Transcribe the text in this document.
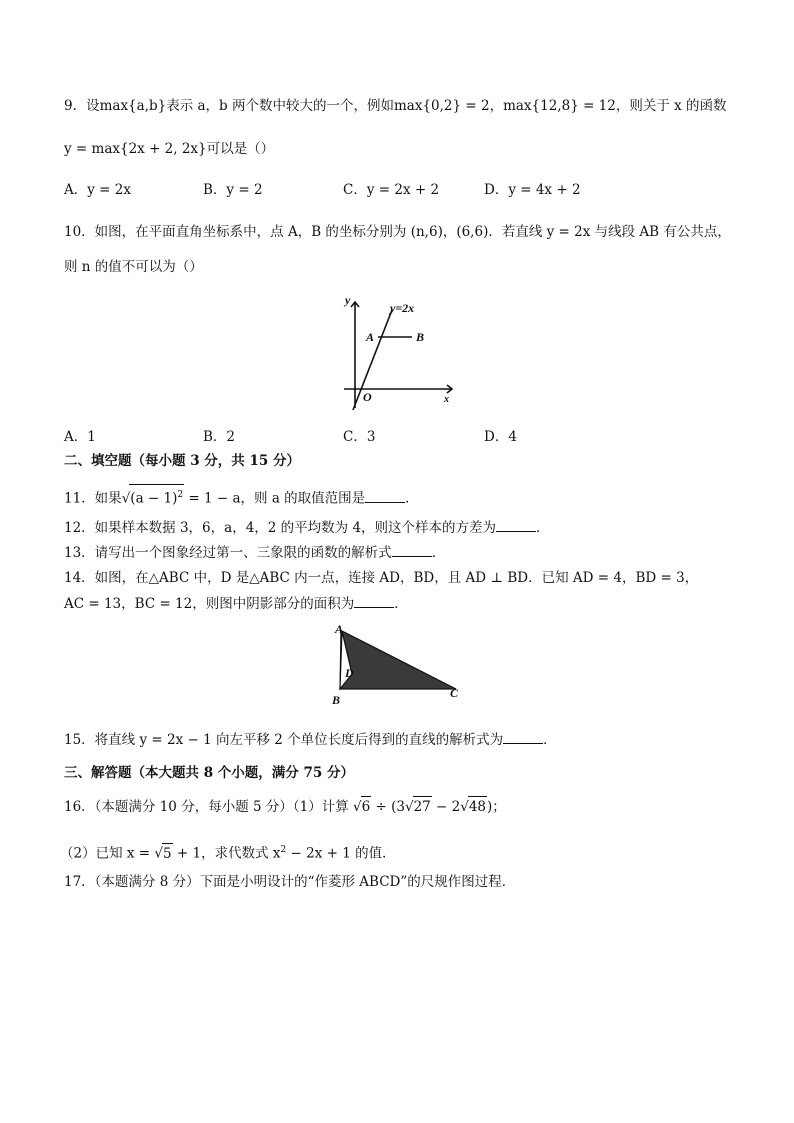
9．设max{a,b}表示 a，b 两个数中较大的一个，例如max{0,2} = 2，max{12,8} = 12，则关于 x 的函数
y = max{2x + 2, 2x}可以是（）
A．y = 2x	B．y = 2	C．y = 2x + 2	D．y = 4x + 2
10．如图，在平面直角坐标系中，点 A，B 的坐标分别为 (n,6)，(6,6)．若直线 y = 2x 与线段 AB 有公共点，
则 n 的值不可以为（）
y
x
O
y=2x
A	B
A．1	B．2	C．3	D．4
二、填空题（每小题 3 分，共 15 分）
11．如果$√(a - 1)^2 = 1 - a$，则 a 的取值范围是	．
12．如果样本数据 3，6，a，4，2 的平均数为 4，则这个样本的方差为	．
13．请写出一个图象经过第一、三象限的函数的解析式	．
14．如图，在△ABC 中，D 是△ABC 内一点，连接 AD，BD，且 AD ⊥ BD．已知 AD = 4，BD = 3，
AC = 13，BC = 12，则图中阴影部分的面积为	．
A
B	C
D
15．将直线 y = 2x − 1 向左平移 2 个单位长度后得到的直线的解析式为	．
三、解答题（本大题共 8 个小题，满分 75 分）
16．（本题满分 10 分，每小题 5 分）（1）计算 √6 ÷ (3√27 − 2√48)；
（2）已知 x = √5 + 1，求代数式 $x^2 - 2x + 1$ 的值．
17．（本题满分 8 分）下面是小明设计的“作菱形 ABCD”的尺规作图过程．
